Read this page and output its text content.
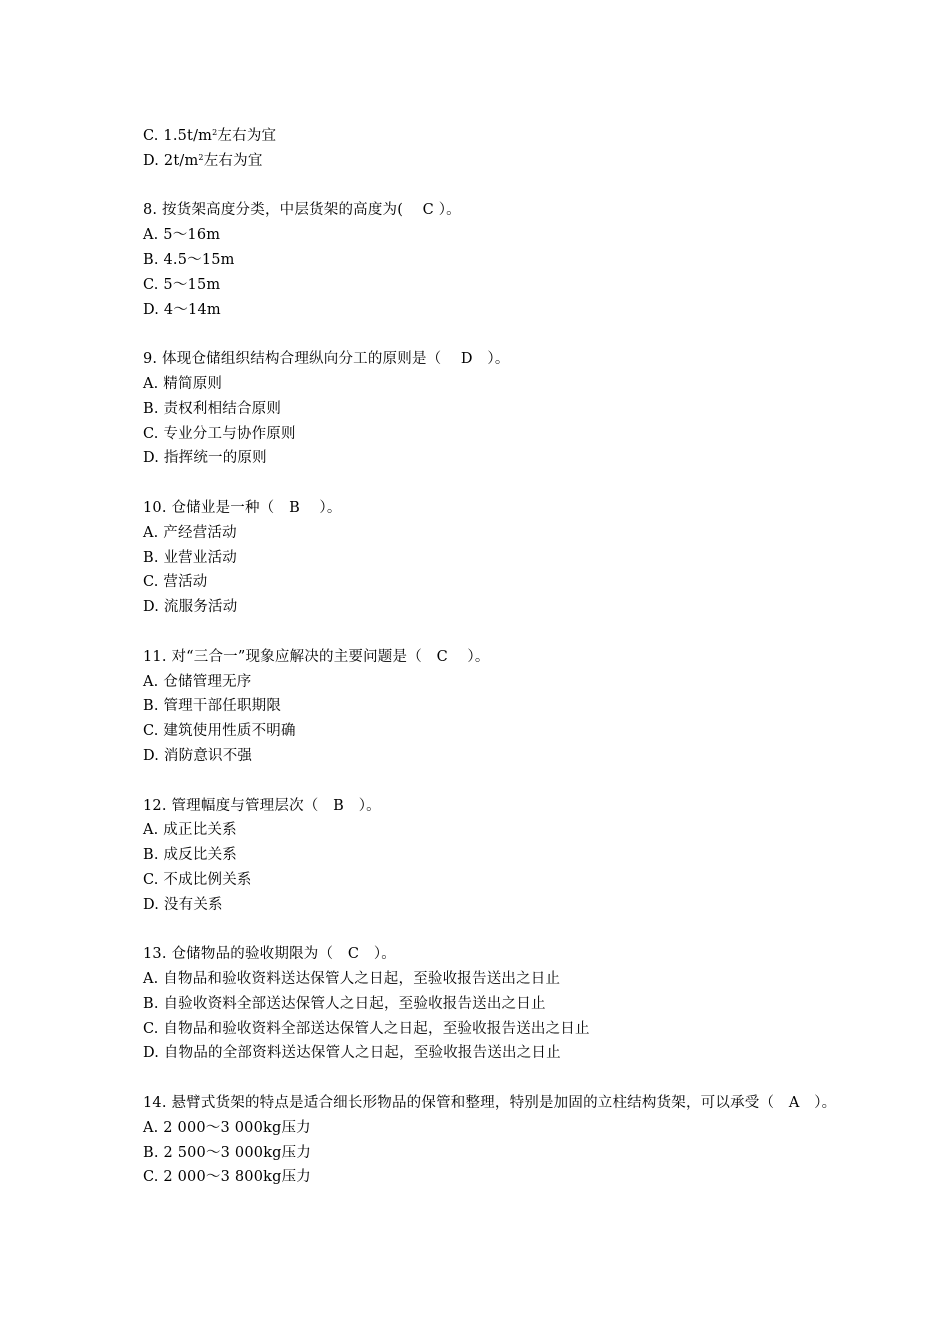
C. $1.5t/m^2$左右为宜
D. $2t/m^2$左右为宜
8. 按货架高度分类，中层货架的高度为(　 C ）。
A. 5～16m
B. 4.5～15m
C. 5～15m
D. 4～14m
9. 体现仓储组织结构合理纵向分工的原则是（　 D　）。
A. 精简原则
B. 责权利相结合原则
C. 专业分工与协作原则
D. 指挥统一的原则
10. 仓储业是一种（　B　 ）。
A. 产经营活动
B. 业营业活动
C. 营活动
D. 流服务活动
11. 对“三合一”现象应解决的主要问题是（　C　 ）。
A. 仓储管理无序
B. 管理干部任职期限
C. 建筑使用性质不明确
D. 消防意识不强
12. 管理幅度与管理层次（　B　）。
A. 成正比关系
B. 成反比关系
C. 不成比例关系
D. 没有关系
13. 仓储物品的验收期限为（　C　）。
A. 自物品和验收资料送达保管人之日起，至验收报告送出之日止
B. 自验收资料全部送达保管人之日起，至验收报告送出之日止
C. 自物品和验收资料全部送达保管人之日起，至验收报告送出之日止
D. 自物品的全部资料送达保管人之日起，至验收报告送出之日止
14. 悬臂式货架的特点是适合细长形物品的保管和整理，特别是加固的立柱结构货架，可以承受（　A　）。
A. 2 000～3 000kg压力
B. 2 500～3 000kg压力
C. 2 000～3 800kg压力
